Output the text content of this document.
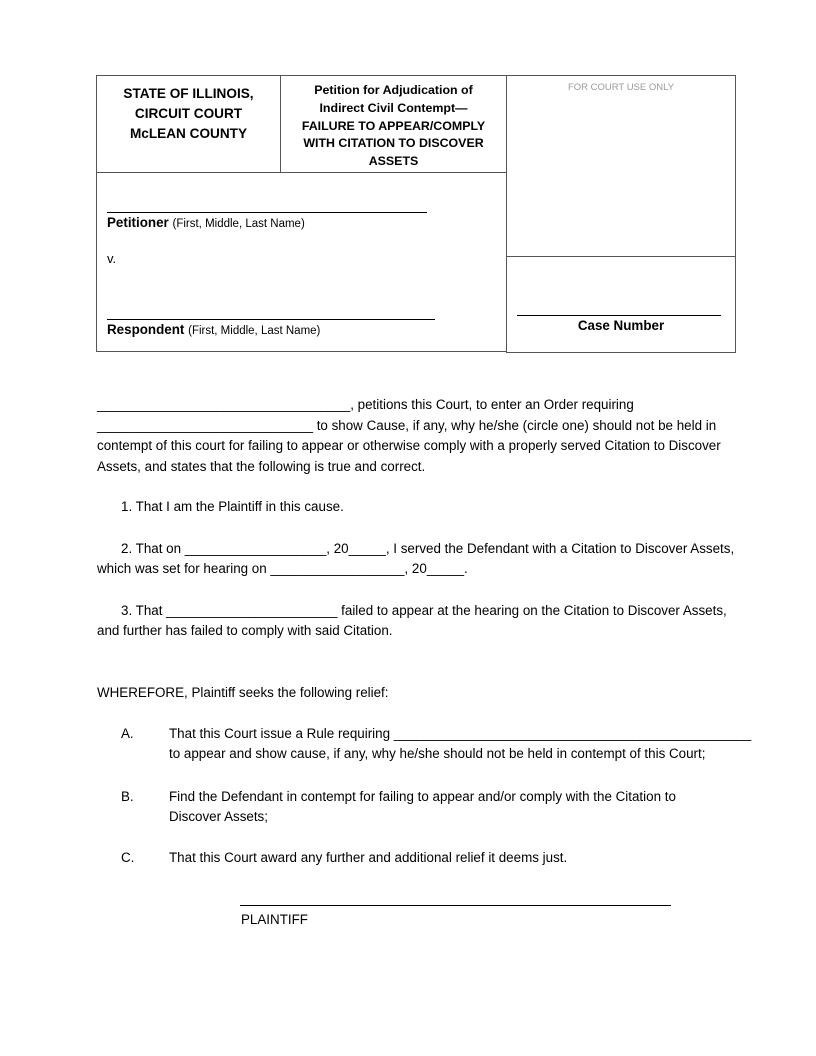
STATE OF ILLINOIS,
CIRCUIT COURT
McLEAN COUNTY
Petition for Adjudication of
Indirect Civil Contempt—
FAILURE TO APPEAR/COMPLY
WITH CITATION TO DISCOVER
ASSETS
FOR COURT USE ONLY
Petitioner (First, Middle, Last Name)
v.
Respondent (First, Middle, Last Name)	Case Number
__________________________________, petitions this Court, to enter an Order requiring
_____________________________ to show Cause, if any, why he/she (circle one) should not be held in
contempt of this court for failing to appear or otherwise comply with a properly served Citation to Discover
Assets, and states that the following is true and correct.
1. That I am the Plaintiff in this cause.
2. That on ___________________, 20_____, I served the Defendant with a Citation to Discover Assets,
which was set for hearing on __________________, 20_____.
3. That _______________________ failed to appear at the hearing on the Citation to Discover Assets,
and further has failed to comply with said Citation.
WHEREFORE, Plaintiff seeks the following relief:
A.	That this Court issue a Rule requiring ________________________________________________
to appear and show cause, if any, why he/she should not be held in contempt of this Court;
B.	Find the Defendant in contempt for failing to appear and/or comply with the Citation to
Discover Assets;
C.	That this Court award any further and additional relief it deems just.
PLAINTIFF
